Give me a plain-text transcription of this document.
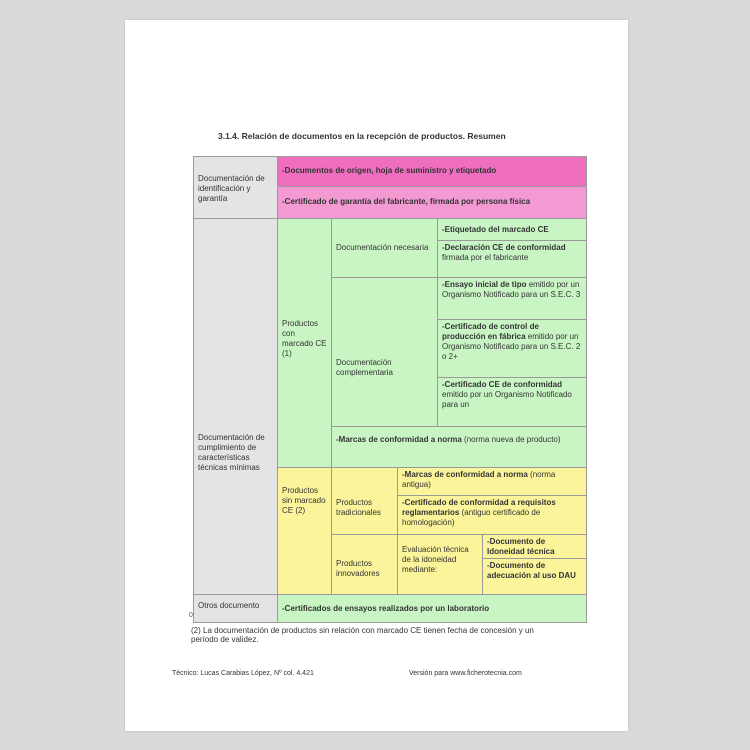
3.1.4. Relación de documentos en la recepción de productos. Resumen
Documentación de identificación y garantía
Documentación de cumplimiento de características técnicas mínimas
Otros documento
-Documentos de origen, hoja de suministro y etiquetado
-Certificado de garantía del fabricante, firmada por persona física
Productos con marcado CE (1)
Documentación necesaria
-Etiquetado del marcado CE
-Declaración CE de conformidad firmada por el fabricante
Documentación complementaria
-Ensayo inicial de tipo emitido por un Organismo Notificado para un S.E.C. 3
-Certificado de control de producción en fábrica emitido por un Organismo Notificado para un S.E.C. 2 o 2+
-Certificado CE de conformidad emitido por un Organismo Notificado para un
-Marcas de conformidad a norma (norma nueva de producto)
Productos sin marcado CE (2)
Productos tradicionales
-Marcas de conformidad a norma (norma antigua)
-Certificado de conformidad a requisitos reglamentarios (antiguo certificado de homologación)
Productos innovadores
Evaluación técnica de la idoneidad mediante:
-Documento de Idoneidad técnica
-Documento de adecuación al uso DAU
-Certificados de ensayos realizados por un laboratorio
0
(2) La documentación de productos sin relación con marcado CE tienen fecha de concesión y un período de validez.
Técnico: Lucas Carabias López, Nº col. 4.421	Versión para www.ficherotecnia.com
